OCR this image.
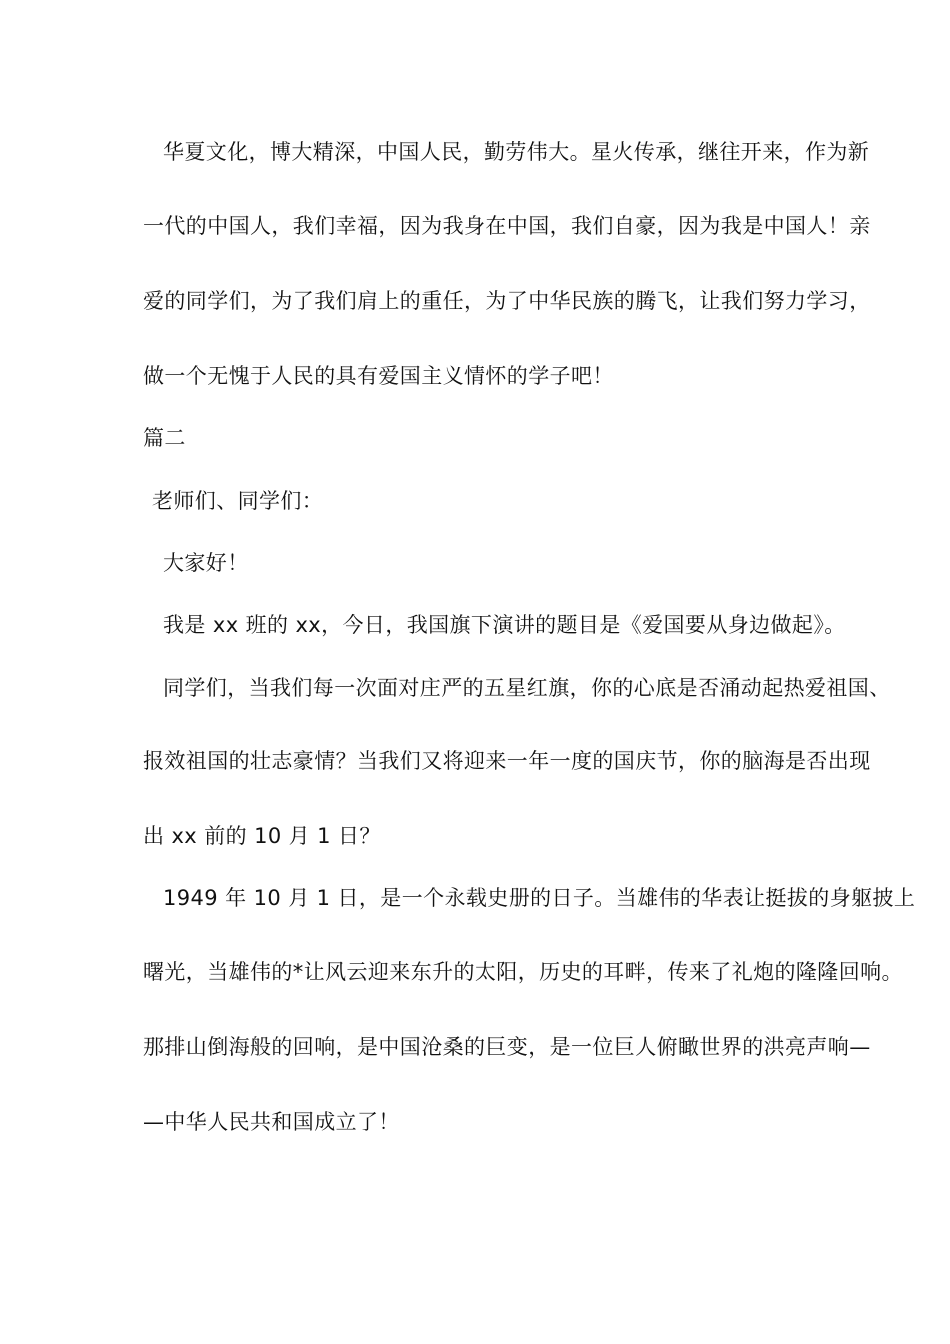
华夏文化，博大精深，中国人民，勤劳伟大。星火传承，继往开来，作为新
一代的中国人，我们幸福，因为我身在中国，我们自豪，因为我是中国人！亲
爱的同学们，为了我们肩上的重任，为了中华民族的腾飞，让我们努力学习，
做一个无愧于人民的具有爱国主义情怀的学子吧！
篇二
老师们、同学们：
大家好！
我是 xx 班的 xx，今日，我国旗下演讲的题目是《爱国要从身边做起》。
同学们，当我们每一次面对庄严的五星红旗，你的心底是否涌动起热爱祖国、
报效祖国的壮志豪情？当我们又将迎来一年一度的国庆节，你的脑海是否出现
出 xx 前的 10 月 1 日？
1949 年 10 月 1 日，是一个永载史册的日子。当雄伟的华表让挺拔的身躯披上
曙光，当雄伟的*让风云迎来东升的太阳，历史的耳畔，传来了礼炮的隆隆回响。
那排山倒海般的回响，是中国沧桑的巨变，是一位巨人俯瞰世界的洪亮声响—
—中华人民共和国成立了！
